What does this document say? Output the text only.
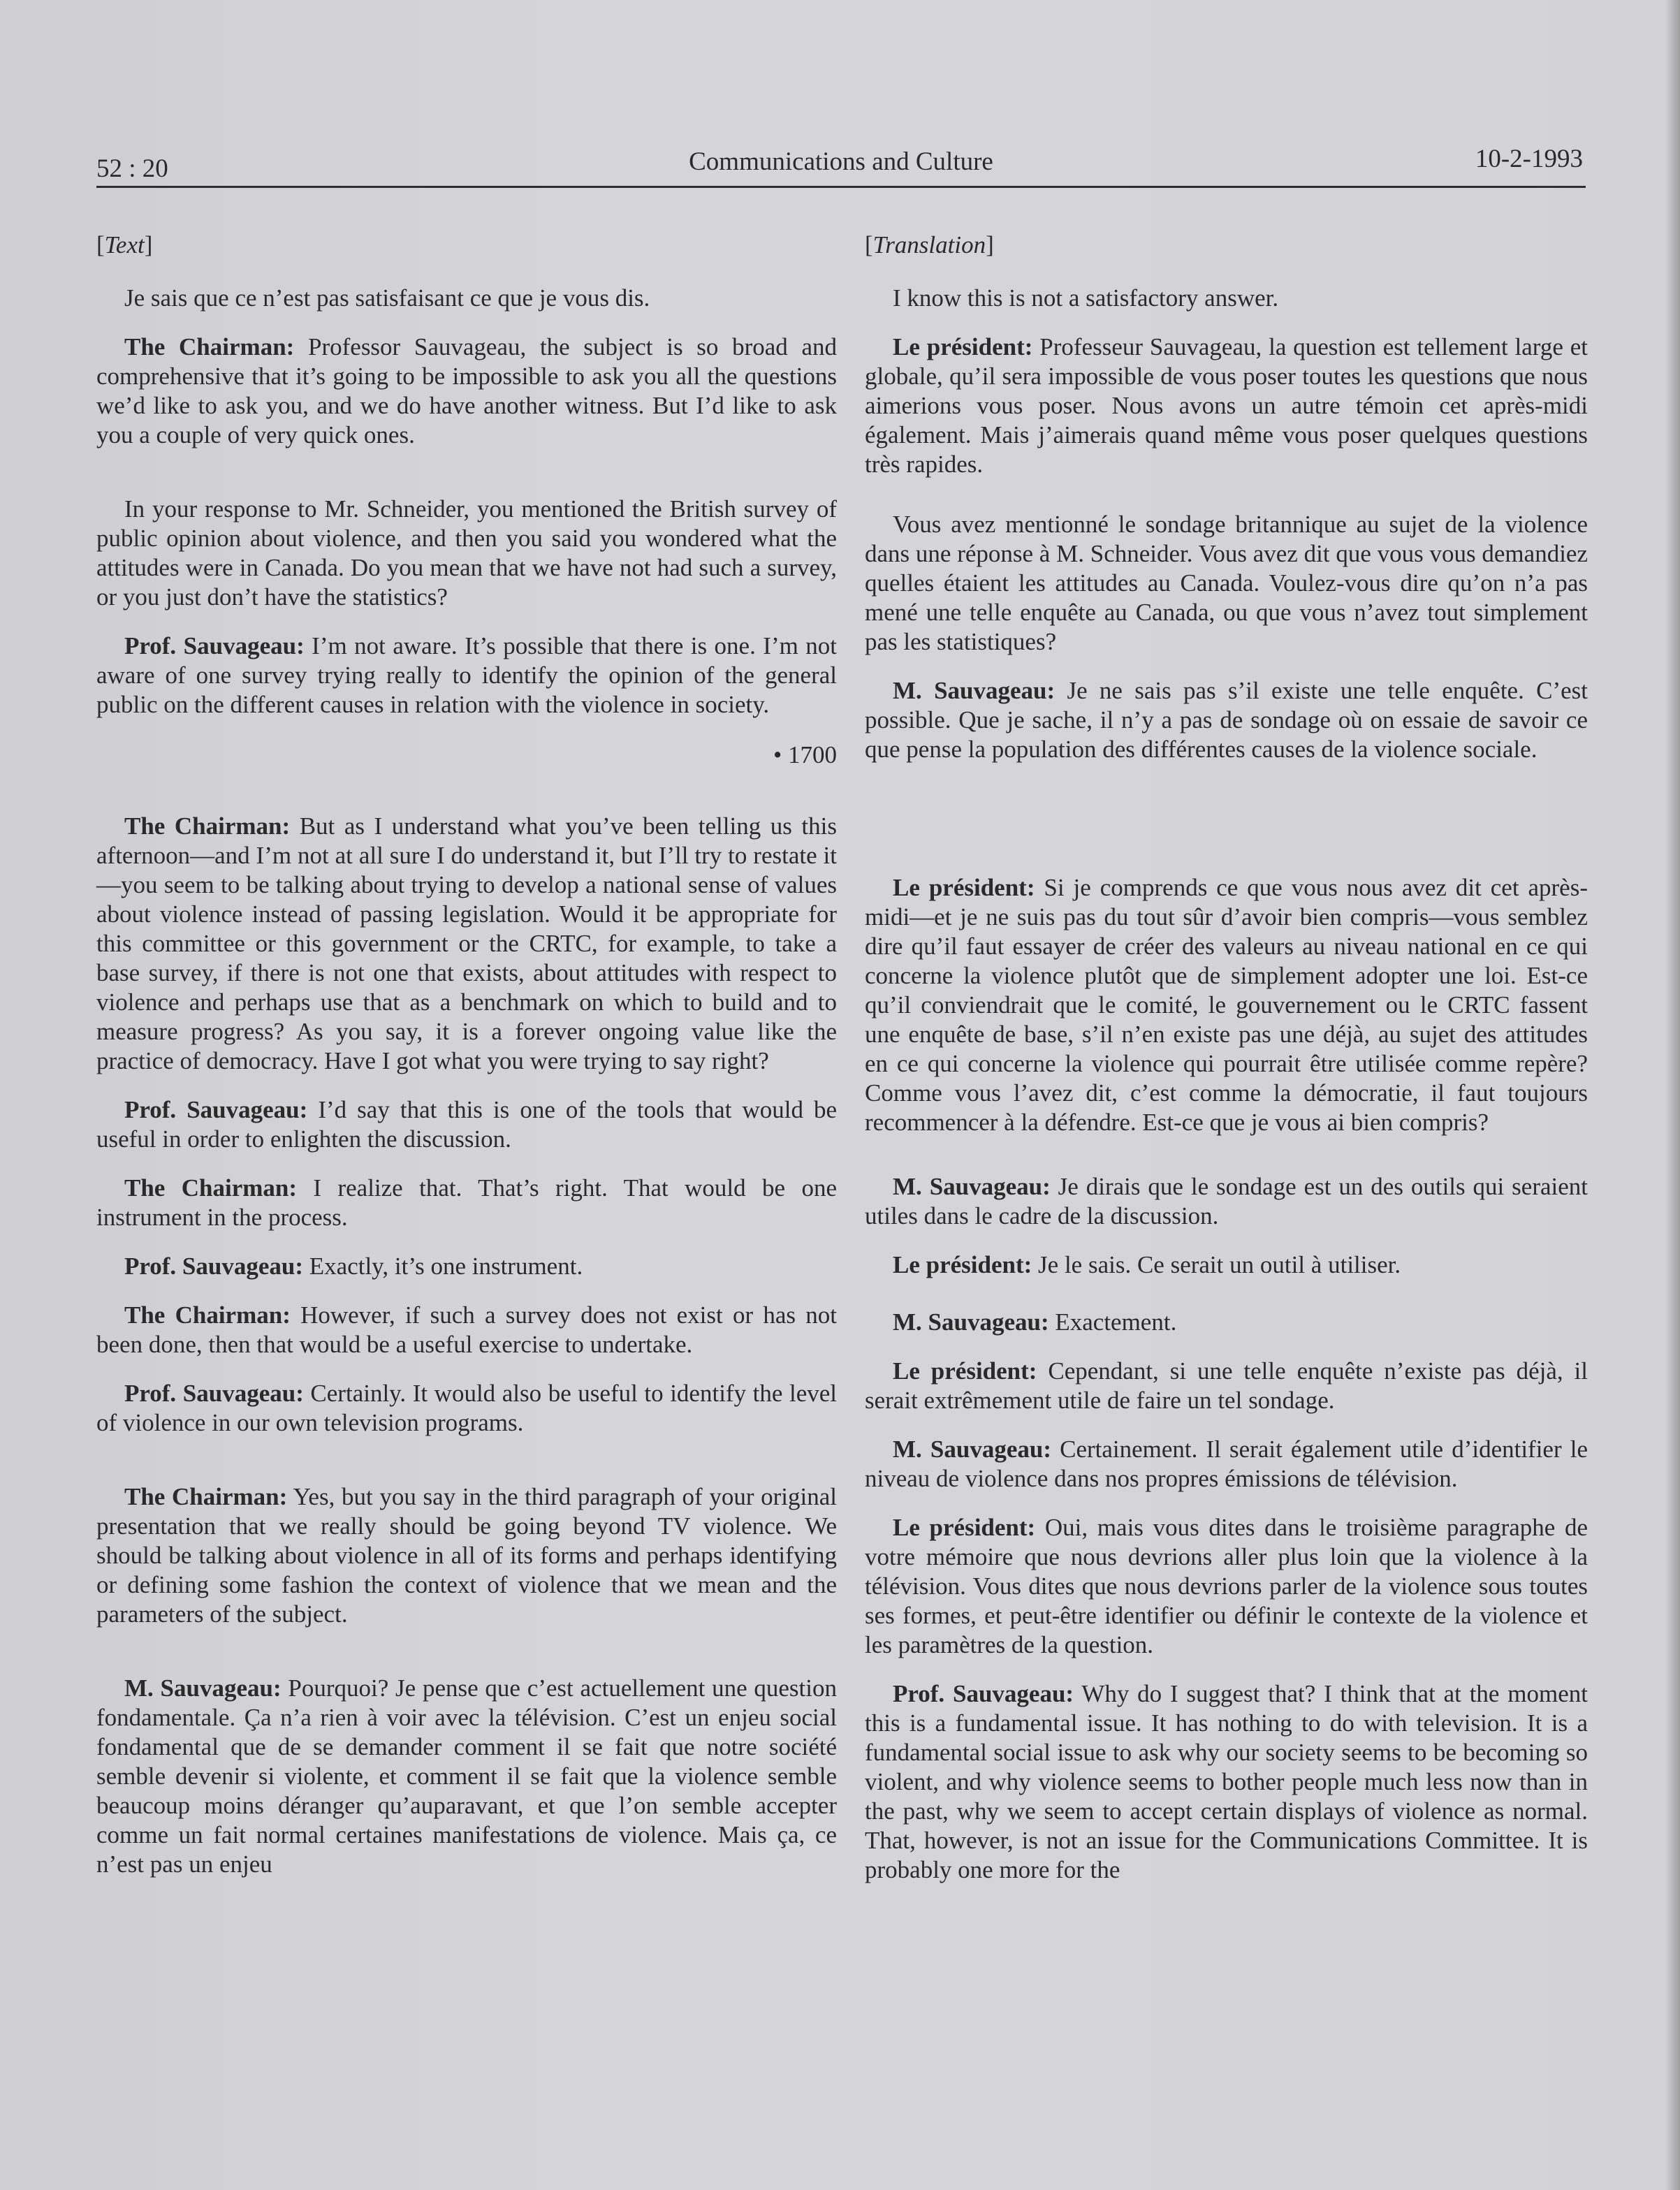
52 : 20	Communications and Culture	10-2-1993

[Text]

Je sais que ce n’est pas satisfaisant ce que je vous dis.

The Chairman: Professor Sauvageau, the subject is so broad and comprehensive that it’s going to be impossible to ask you all the questions we’d like to ask you, and we do have another witness. But I’d like to ask you a couple of very quick ones.

In your response to Mr. Schneider, you mentioned the British survey of public opinion about violence, and then you said you wondered what the attitudes were in Canada. Do you mean that we have not had such a survey, or you just don’t have the statistics?

Prof. Sauvageau: I’m not aware. It’s possible that there is one. I’m not aware of one survey trying really to identify the opinion of the general public on the different causes in relation with the violence in society.

• 1700

The Chairman: But as I understand what you’ve been telling us this afternoon—and I’m not at all sure I do understand it, but I’ll try to restate it—you seem to be talking about trying to develop a national sense of values about violence instead of passing legislation. Would it be appropriate for this committee or this government or the CRTC, for example, to take a base survey, if there is not one that exists, about attitudes with respect to violence and perhaps use that as a benchmark on which to build and to measure progress? As you say, it is a forever ongoing value like the practice of democracy. Have I got what you were trying to say right?

Prof. Sauvageau: I’d say that this is one of the tools that would be useful in order to enlighten the discussion.

The Chairman: I realize that. That’s right. That would be one instrument in the process.

Prof. Sauvageau: Exactly, it’s one instrument.

The Chairman: However, if such a survey does not exist or has not been done, then that would be a useful exercise to undertake.

Prof. Sauvageau: Certainly. It would also be useful to identify the level of violence in our own television programs.

The Chairman: Yes, but you say in the third paragraph of your original presentation that we really should be going beyond TV violence. We should be talking about violence in all of its forms and perhaps identifying or defining some fashion the context of violence that we mean and the parameters of the subject.

M. Sauvageau: Pourquoi? Je pense que c’est actuellement une question fondamentale. Ça n’a rien à voir avec la télévision. C’est un enjeu social fondamental que de se demander comment il se fait que notre société semble devenir si violente, et comment il se fait que la violence semble beaucoup moins déranger qu’auparavant, et que l’on semble accepter comme un fait normal certaines manifestations de violence. Mais ça, ce n’est pas un enjeu

[Translation]

I know this is not a satisfactory answer.

Le président: Professeur Sauvageau, la question est tellement large et globale, qu’il sera impossible de vous poser toutes les questions que nous aimerions vous poser. Nous avons un autre témoin cet après-midi également. Mais j’aimerais quand même vous poser quelques questions très rapides.

Vous avez mentionné le sondage britannique au sujet de la violence dans une réponse à M. Schneider. Vous avez dit que vous vous demandiez quelles étaient les attitudes au Canada. Voulez-vous dire qu’on n’a pas mené une telle enquête au Canada, ou que vous n’avez tout simplement pas les statistiques?

M. Sauvageau: Je ne sais pas s’il existe une telle enquête. C’est possible. Que je sache, il n’y a pas de sondage où on essaie de savoir ce que pense la population des différentes causes de la violence sociale.

Le président: Si je comprends ce que vous nous avez dit cet après-midi—et je ne suis pas du tout sûr d’avoir bien compris—vous semblez dire qu’il faut essayer de créer des valeurs au niveau national en ce qui concerne la violence plutôt que de simplement adopter une loi. Est-ce qu’il conviendrait que le comité, le gouvernement ou le CRTC fassent une enquête de base, s’il n’en existe pas une déjà, au sujet des attitudes en ce qui concerne la violence qui pourrait être utilisée comme repère? Comme vous l’avez dit, c’est comme la démocratie, il faut toujours recommencer à la défendre. Est-ce que je vous ai bien compris?

M. Sauvageau: Je dirais que le sondage est un des outils qui seraient utiles dans le cadre de la discussion.

Le président: Je le sais. Ce serait un outil à utiliser.

M. Sauvageau: Exactement.

Le président: Cependant, si une telle enquête n’existe pas déjà, il serait extrêmement utile de faire un tel sondage.

M. Sauvageau: Certainement. Il serait également utile d’identifier le niveau de violence dans nos propres émissions de télévision.

Le président: Oui, mais vous dites dans le troisième paragraphe de votre mémoire que nous devrions aller plus loin que la violence à la télévision. Vous dites que nous devrions parler de la violence sous toutes ses formes, et peut-être identifier ou définir le contexte de la violence et les paramètres de la question.

Prof. Sauvageau: Why do I suggest that? I think that at the moment this is a fundamental issue. It has nothing to do with television. It is a fundamental social issue to ask why our society seems to be becoming so violent, and why violence seems to bother people much less now than in the past, why we seem to accept certain displays of violence as normal. That, however, is not an issue for the Communications Committee. It is probably one more for the
